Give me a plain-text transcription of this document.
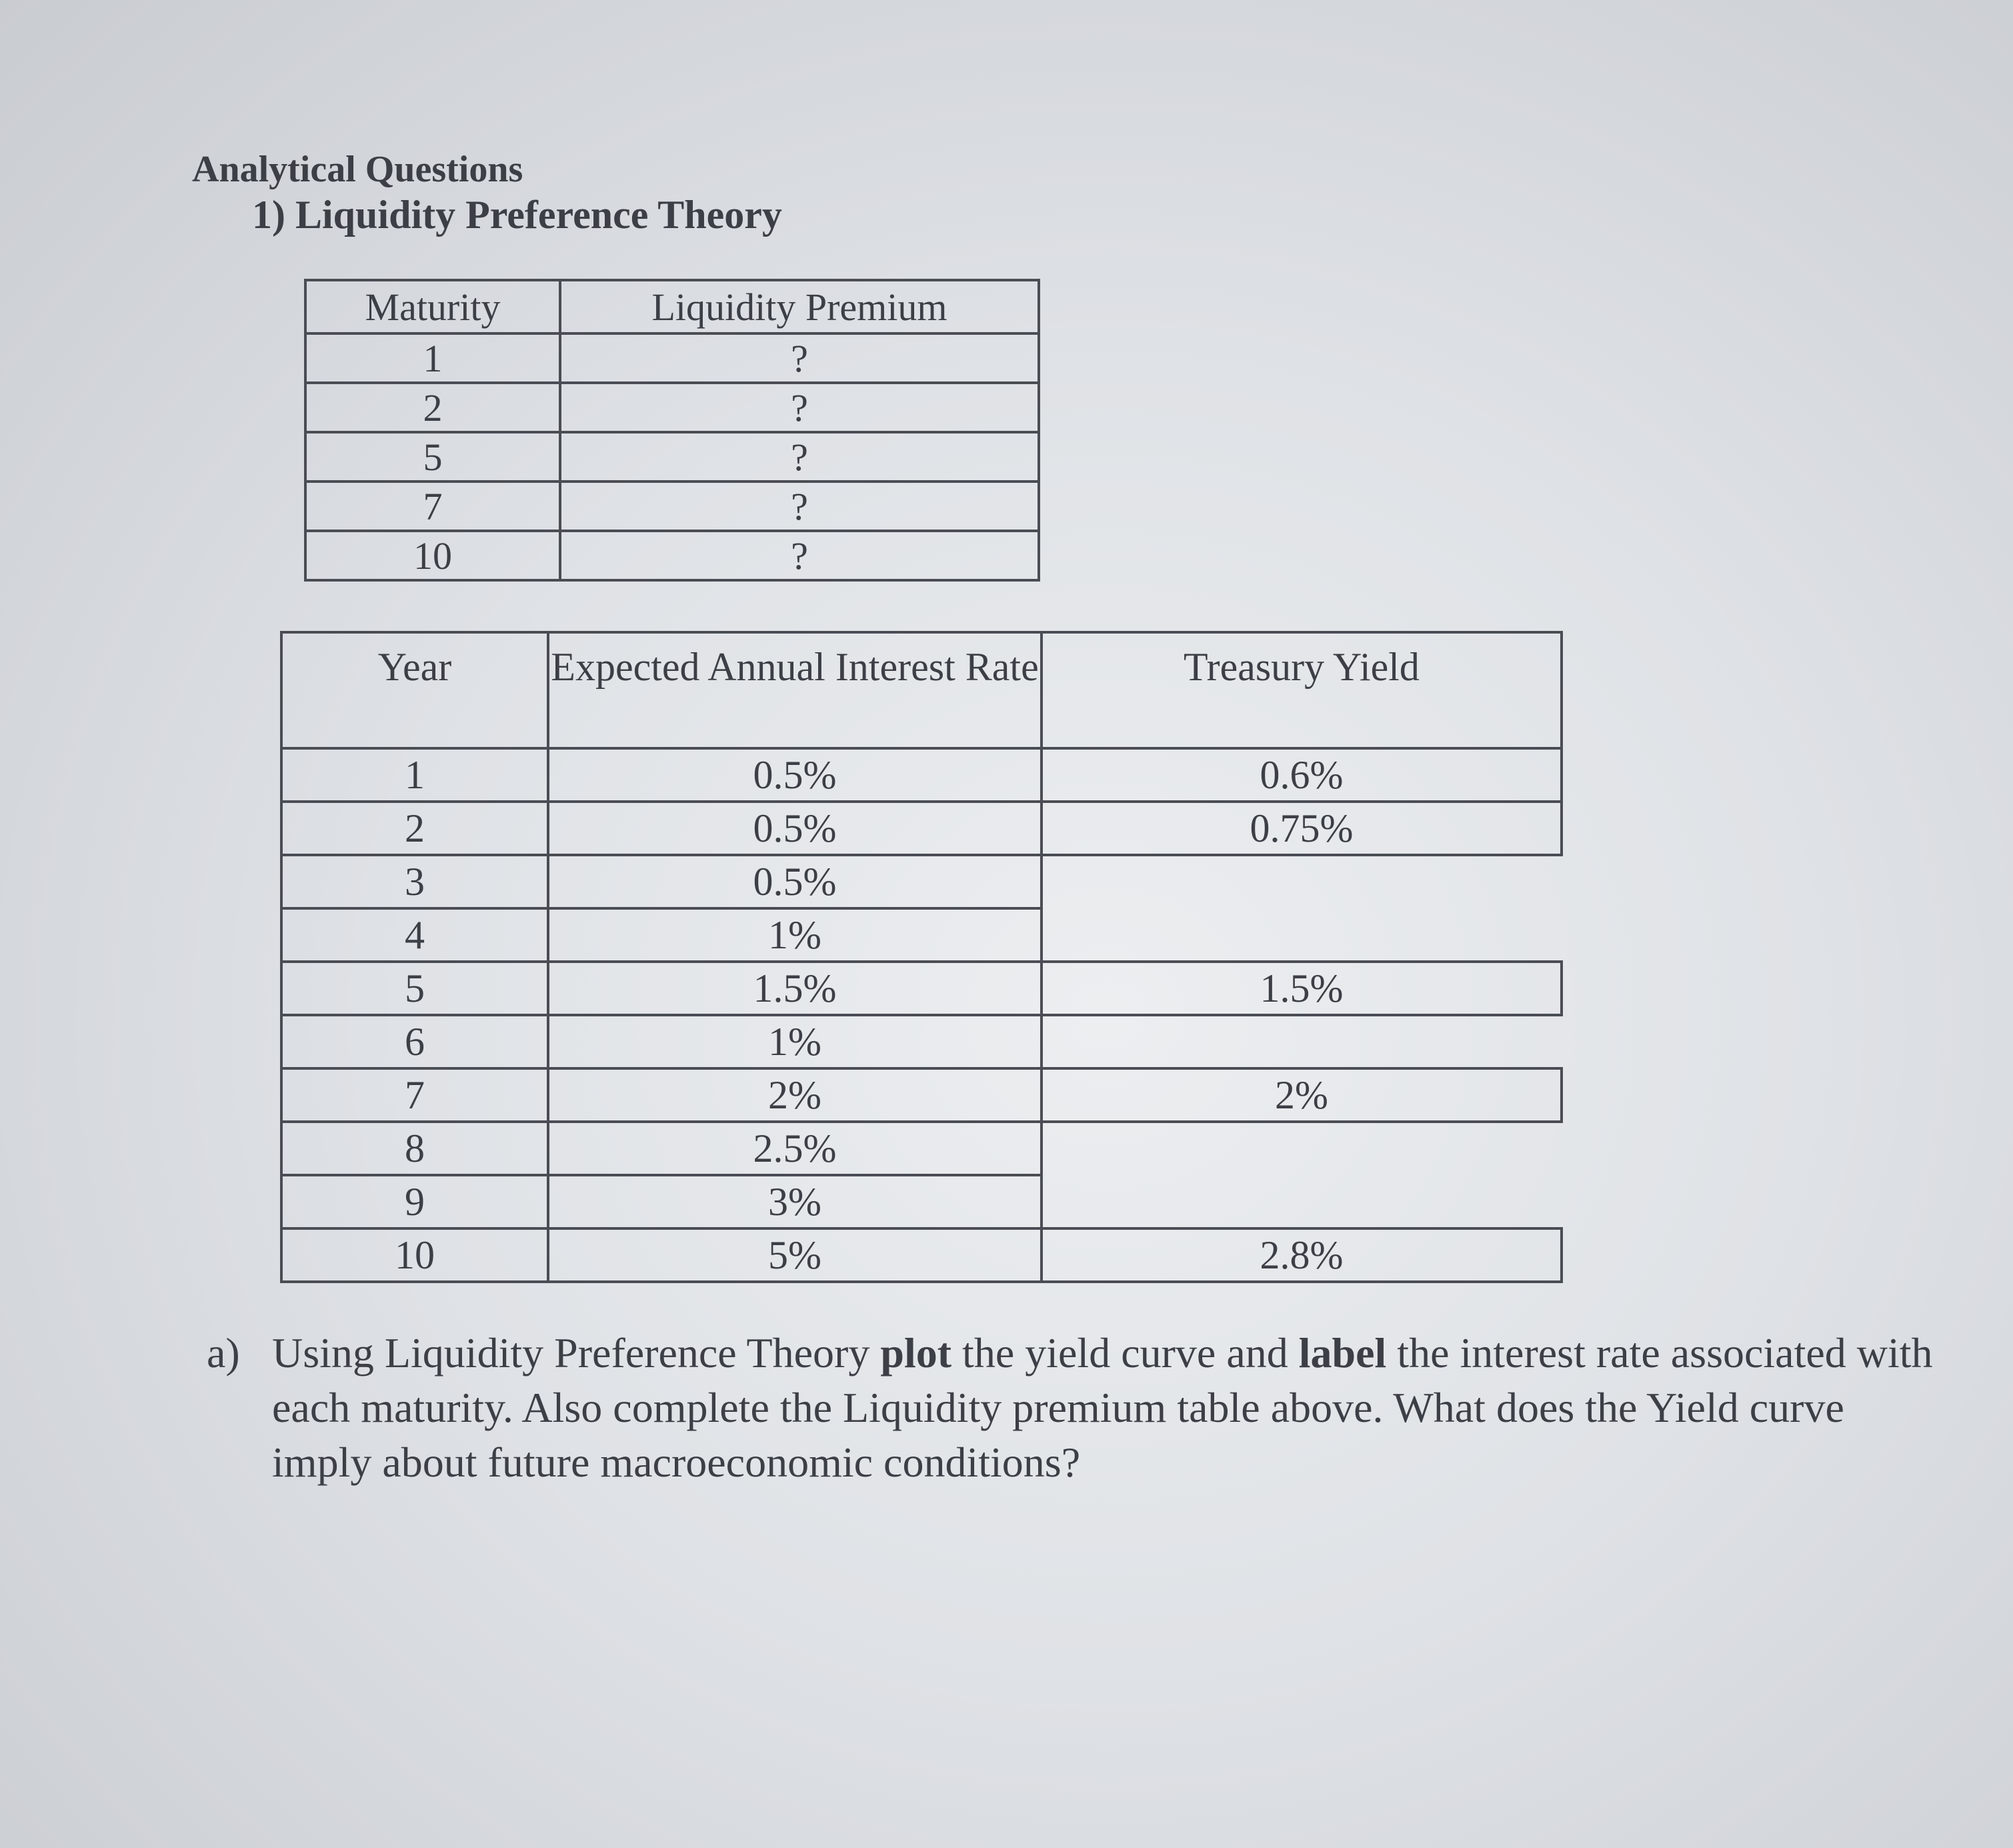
Analytical Questions
1) Liquidity Preference Theory
Maturity	Liquidity Premium
1	?
2	?
5	?
7	?
10	?
Year	Expected Annual Interest Rate	Treasury Yield
1	0.5%	0.6%
2	0.5%	0.75%
3	0.5%	
4	1%	
5	1.5%	1.5%
6	1%	
7	2%	2%
8	2.5%	
9	3%	
10	5%	2.8%
a) Using Liquidity Preference Theory plot the yield curve and label the interest rate associated with each maturity. Also complete the Liquidity premium table above. What does the Yield curve imply about future macroeconomic conditions?
